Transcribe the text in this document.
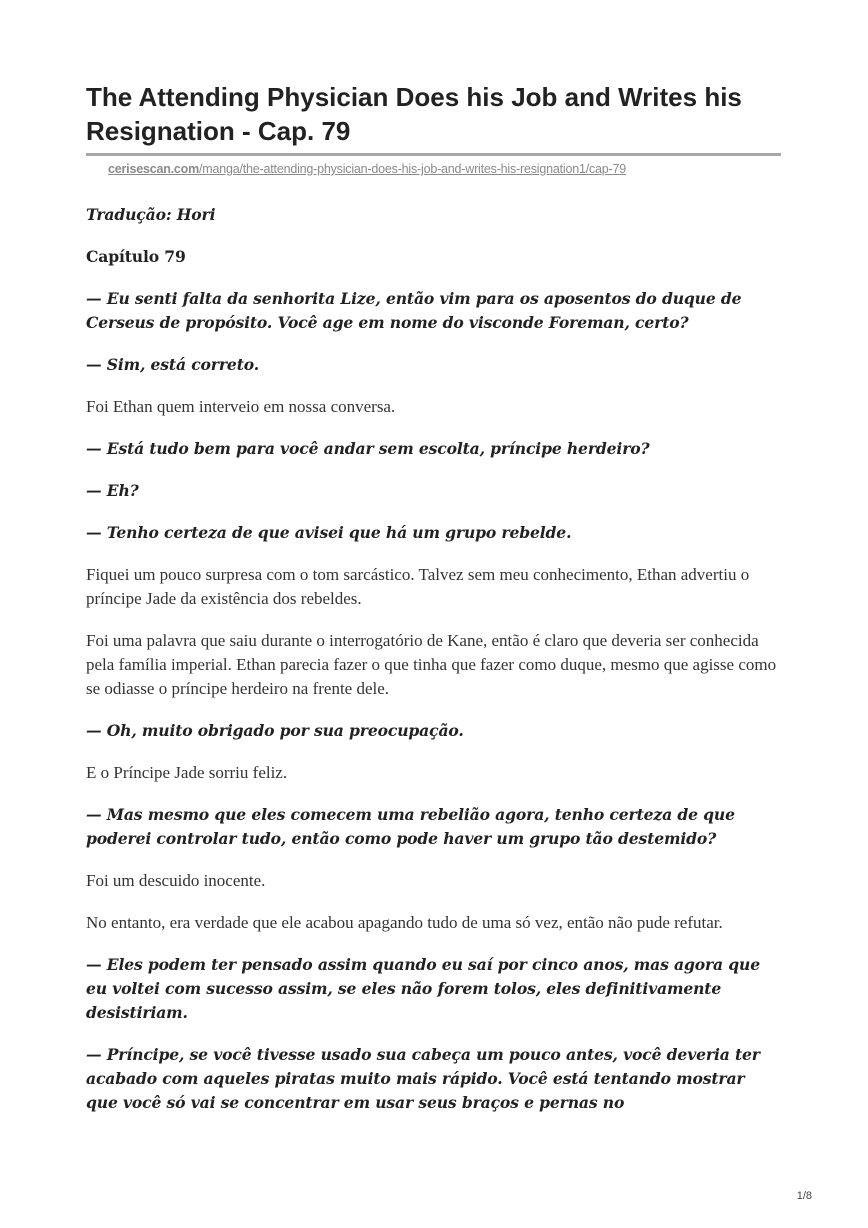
The Attending Physician Does his Job and Writes his Resignation - Cap. 79
cerisescan.com/manga/the-attending-physician-does-his-job-and-writes-his-resignation1/cap-79

Tradução: Hori

Capítulo 79

— Eu senti falta da senhorita Lize, então vim para os aposentos do duque de Cerseus de propósito. Você age em nome do visconde Foreman, certo?

— Sim, está correto.

Foi Ethan quem interveio em nossa conversa.

— Está tudo bem para você andar sem escolta, príncipe herdeiro?

— Eh?

— Tenho certeza de que avisei que há um grupo rebelde.

Fiquei um pouco surpresa com o tom sarcástico. Talvez sem meu conhecimento, Ethan advertiu o príncipe Jade da existência dos rebeldes.

Foi uma palavra que saiu durante o interrogatório de Kane, então é claro que deveria ser conhecida pela família imperial. Ethan parecia fazer o que tinha que fazer como duque, mesmo que agisse como se odiasse o príncipe herdeiro na frente dele.

— Oh, muito obrigado por sua preocupação.

E o Príncipe Jade sorriu feliz.

— Mas mesmo que eles comecem uma rebelião agora, tenho certeza de que poderei controlar tudo, então como pode haver um grupo tão destemido?

Foi um descuido inocente.

No entanto, era verdade que ele acabou apagando tudo de uma só vez, então não pude refutar.

— Eles podem ter pensado assim quando eu saí por cinco anos, mas agora que eu voltei com sucesso assim, se eles não forem tolos, eles definitivamente desistiriam.

— Príncipe, se você tivesse usado sua cabeça um pouco antes, você deveria ter acabado com aqueles piratas muito mais rápido. Você está tentando mostrar que você só vai se concentrar em usar seus braços e pernas no

1/8
